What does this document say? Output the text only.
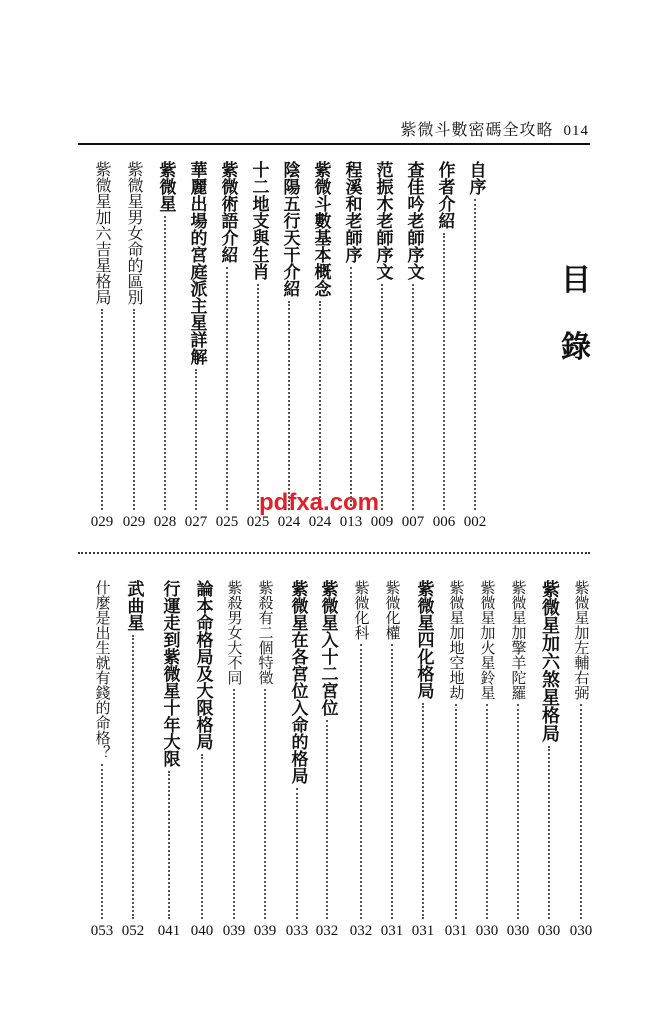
紫微斗數密碼全攻略 014
目
錄
自序
002
作者介紹
006
查佳吟老師序文
007
范振木老師序文
009
程溪和老師序
013
紫微斗數基本概念
024
陰陽五行天干介紹
024
十二地支與生肖
025
紫微術語介紹
025
華麗出場的宮庭派主星詳解
027
紫微星
028
紫微星男女命的區別
029
紫微星加六吉星格局
029
紫微星加左輔右弼
030
紫微星加六煞星格局
030
紫微星加擎羊陀羅
030
紫微星加火星鈴星
030
紫微星加地空地劫
031
紫微星四化格局
031
紫微化權
031
紫微化科
032
紫微星入十二宮位
032
紫微星在各宮位入命的格局
033
紫殺有二個特徵
039
紫殺男女大不同
039
論本命格局及大限格局
040
行運走到紫微星十年大限
041
武曲星
052
什麼是出生就有錢的命格？
053
pdfxa.com
